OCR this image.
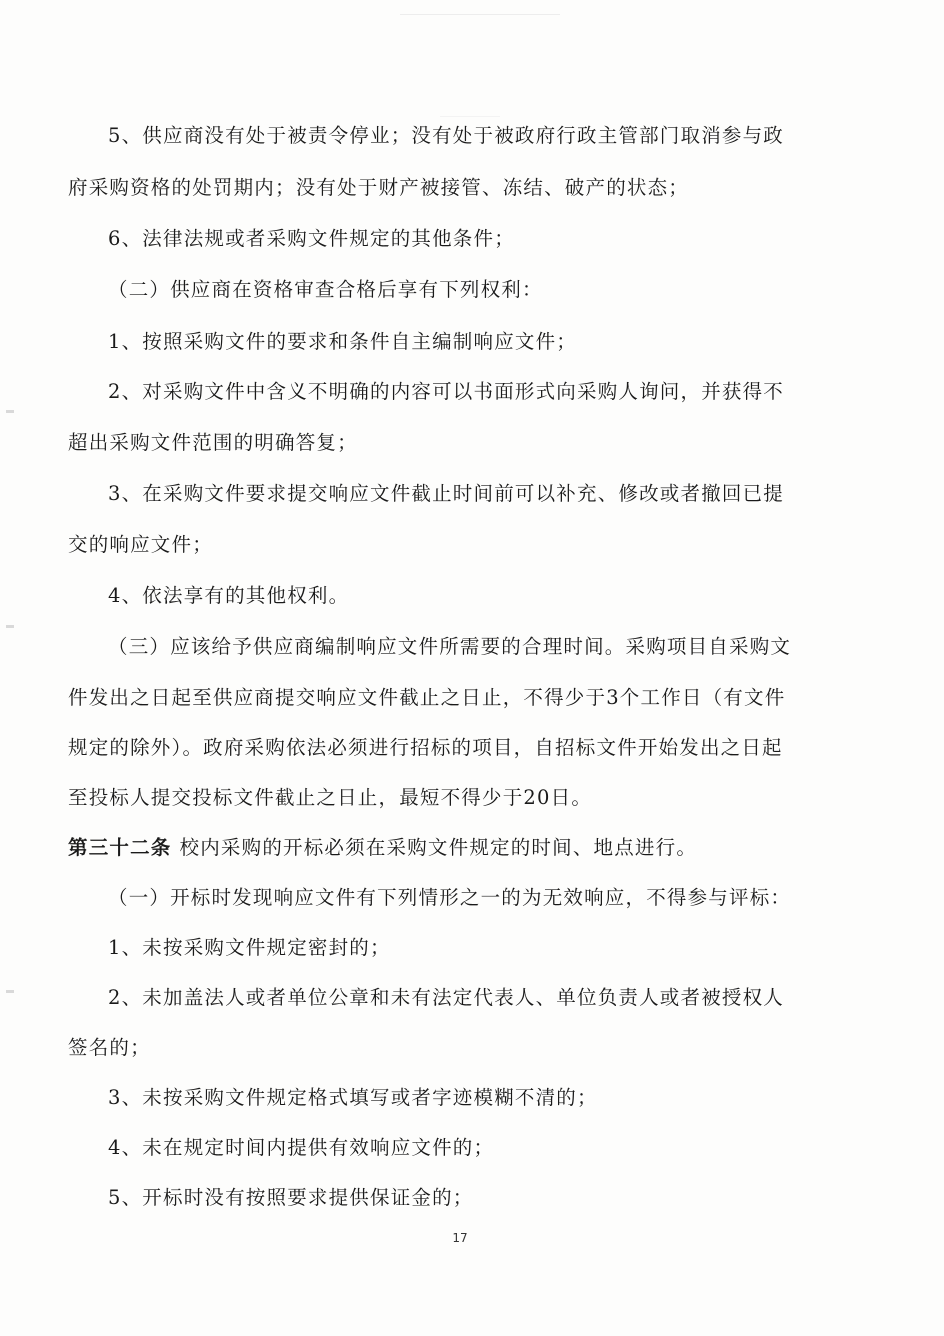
5、供应商没有处于被责令停业；没有处于被政府行政主管部门取消参与政
府采购资格的处罚期内；没有处于财产被接管、冻结、破产的状态；
6、法律法规或者采购文件规定的其他条件；
（二）供应商在资格审查合格后享有下列权利：
1、按照采购文件的要求和条件自主编制响应文件；
2、对采购文件中含义不明确的内容可以书面形式向采购人询问，并获得不
超出采购文件范围的明确答复；
3、在采购文件要求提交响应文件截止时间前可以补充、修改或者撤回已提
交的响应文件；
4、依法享有的其他权利。
（三）应该给予供应商编制响应文件所需要的合理时间。采购项目自采购文
件发出之日起至供应商提交响应文件截止之日止，不得少于3个工作日（有文件
规定的除外）。政府采购依法必须进行招标的项目，自招标文件开始发出之日起
至投标人提交投标文件截止之日止，最短不得少于20日。
第三十二条 校内采购的开标必须在采购文件规定的时间、地点进行。
（一）开标时发现响应文件有下列情形之一的为无效响应，不得参与评标：
1、未按采购文件规定密封的；
2、未加盖法人或者单位公章和未有法定代表人、单位负责人或者被授权人
签名的；
3、未按采购文件规定格式填写或者字迹模糊不清的；
4、未在规定时间内提供有效响应文件的；
5、开标时没有按照要求提供保证金的；
17
